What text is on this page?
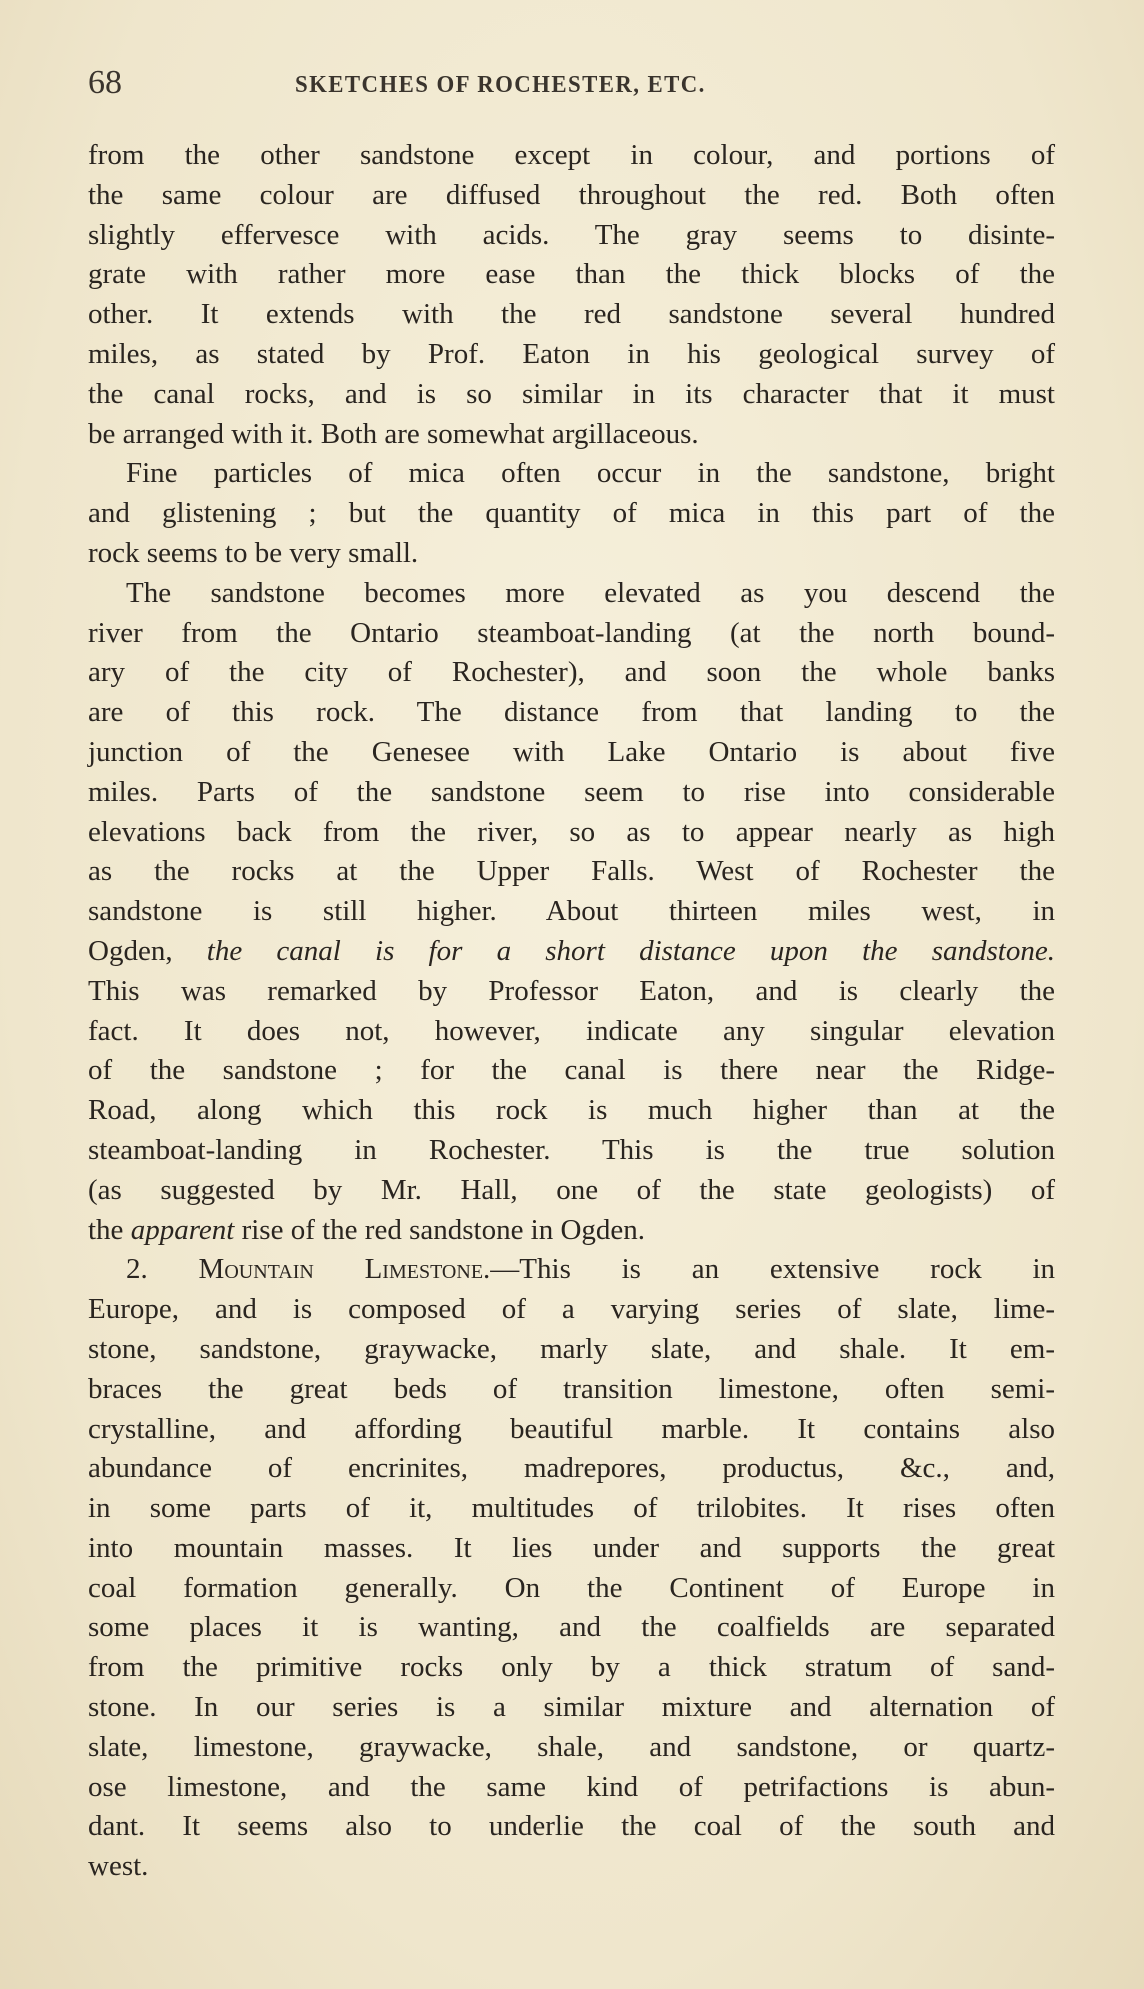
68	SKETCHES OF ROCHESTER, ETC.
from the other sandstone except in colour, and portions of
the same colour are diffused throughout the red. Both often
slightly effervesce with acids. The gray seems to disinte-
grate with rather more ease than the thick blocks of the
other. It extends with the red sandstone several hundred
miles, as stated by Prof. Eaton in his geological survey of
the canal rocks, and is so similar in its character that it must
be arranged with it. Both are somewhat argillaceous.
Fine particles of mica often occur in the sandstone, bright
and glistening ; but the quantity of mica in this part of the
rock seems to be very small.
The sandstone becomes more elevated as you descend the
river from the Ontario steamboat-landing (at the north bound-
ary of the city of Rochester), and soon the whole banks
are of this rock. The distance from that landing to the
junction of the Genesee with Lake Ontario is about five
miles. Parts of the sandstone seem to rise into considerable
elevations back from the river, so as to appear nearly as high
as the rocks at the Upper Falls. West of Rochester the
sandstone is still higher. About thirteen miles west, in
Ogden, the canal is for a short distance upon the sandstone.
This was remarked by Professor Eaton, and is clearly the
fact. It does not, however, indicate any singular elevation
of the sandstone ; for the canal is there near the Ridge-
Road, along which this rock is much higher than at the
steamboat-landing in Rochester. This is the true solution
(as suggested by Mr. Hall, one of the state geologists) of
the apparent rise of the red sandstone in Ogden.
2. Mountain Limestone.—This is an extensive rock in
Europe, and is composed of a varying series of slate, lime-
stone, sandstone, graywacke, marly slate, and shale. It em-
braces the great beds of transition limestone, often semi-
crystalline, and affording beautiful marble. It contains also
abundance of encrinites, madrepores, productus, &c., and,
in some parts of it, multitudes of trilobites. It rises often
into mountain masses. It lies under and supports the great
coal formation generally. On the Continent of Europe in
some places it is wanting, and the coalfields are separated
from the primitive rocks only by a thick stratum of sand-
stone. In our series is a similar mixture and alternation of
slate, limestone, graywacke, shale, and sandstone, or quartz-
ose limestone, and the same kind of petrifactions is abun-
dant. It seems also to underlie the coal of the south and
west.
